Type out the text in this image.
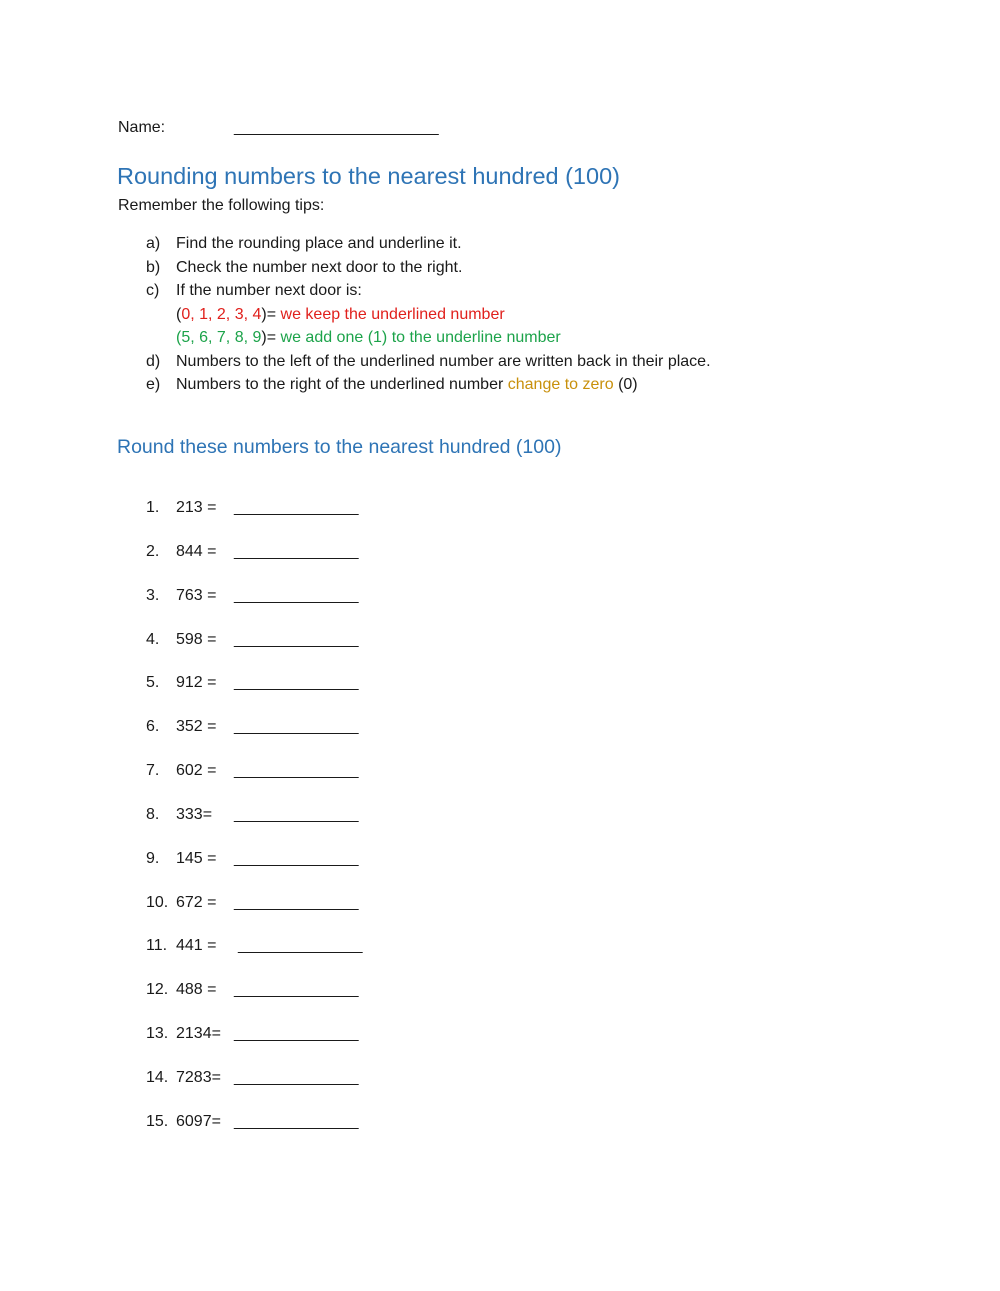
Name:	_______________________
Rounding numbers to the nearest hundred (100)
Remember the following tips:
a) Find the rounding place and underline it.
b) Check the number next door to the right.
c)	If the number next door is:
(0, 1, 2, 3, 4)= we keep the underlined number
(5, 6, 7, 8, 9)= we add one (1) to the underline number
d) Numbers to the left of the underlined number are written back in their place.
e) Numbers to the right of the underlined number change to zero (0)
Round these numbers to the nearest hundred (100)
1. 213 = ______________
2. 844 = ______________
3. 763 = ______________
4. 598 = ______________
5. 912 = ______________
6. 352 = ______________
7. 602 = ______________
8. 333= ______________
9. 145 = ______________
10. 672 = ______________
11. 441 = ______________
12. 488 = ______________
13. 2134= ______________
14. 7283= ______________
15. 6097= ______________
